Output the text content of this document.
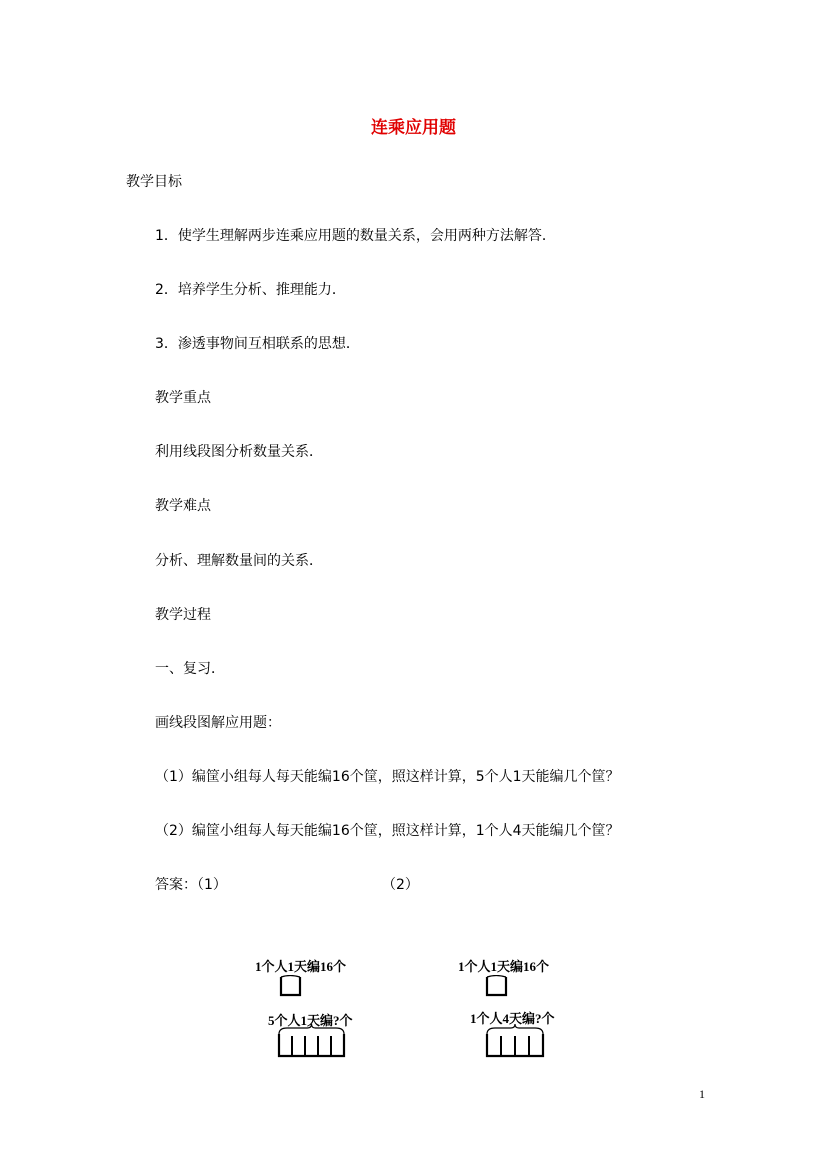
连乘应用题
教学目标
1．使学生理解两步连乘应用题的数量关系，会用两种方法解答．
2．培养学生分析、推理能力．
3．渗透事物间互相联系的思想．
教学重点
利用线段图分析数量关系．
教学难点
分析、理解数量间的关系．
教学过程
一、复习．
画线段图解应用题：
（1）编筐小组每人每天能编16个筐，照这样计算，5个人1天能编几个筐？
（2）编筐小组每人每天能编16个筐，照这样计算，1个人4天能编几个筐？
答案：（1）	（2）
1个人1天编16个
5个人1天编?个
1个人1天编16个
1个人4天编?个
1
